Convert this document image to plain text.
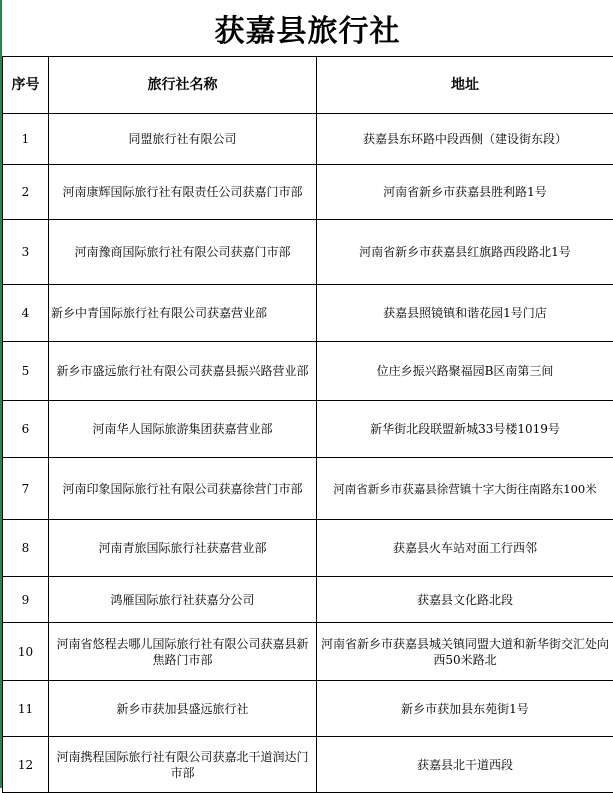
获嘉县旅行社
序号	旅行社名称	地址
1	同盟旅行社有限公司	获嘉县东环路中段西侧（建设街东段）
2	河南康辉国际旅行社有限责任公司获嘉门市部	河南省新乡市获嘉县胜利路1号
3	河南豫商国际旅行社有限公司获嘉门市部	河南省新乡市获嘉县红旗路西段路北1号
4	新乡中青国际旅行社有限公司获嘉营业部	获嘉县照镜镇和谐花园1号门店
5	新乡市盛远旅行社有限公司获嘉县振兴路营业部	位庄乡振兴路聚福园B区南第三间
6	河南华人国际旅游集团获嘉营业部	新华街北段联盟新城33号楼1019号
7	河南印象国际旅行社有限公司获嘉徐营门市部	河南省新乡市获嘉县徐营镇十字大街往南路东100米
8	河南青旅国际旅行社获嘉营业部	获嘉县火车站对面工行西邻
9	鸿雁国际旅行社获嘉分公司	获嘉县文化路北段
10	河南省悠程去哪儿国际旅行社有限公司获嘉县新焦路门市部	河南省新乡市获嘉县城关镇同盟大道和新华街交汇处向西50米路北
11	新乡市获加县盛远旅行社	新乡市获加县东苑街1号
12	河南携程国际旅行社有限公司获嘉北干道润达门市部	获嘉县北干道西段
